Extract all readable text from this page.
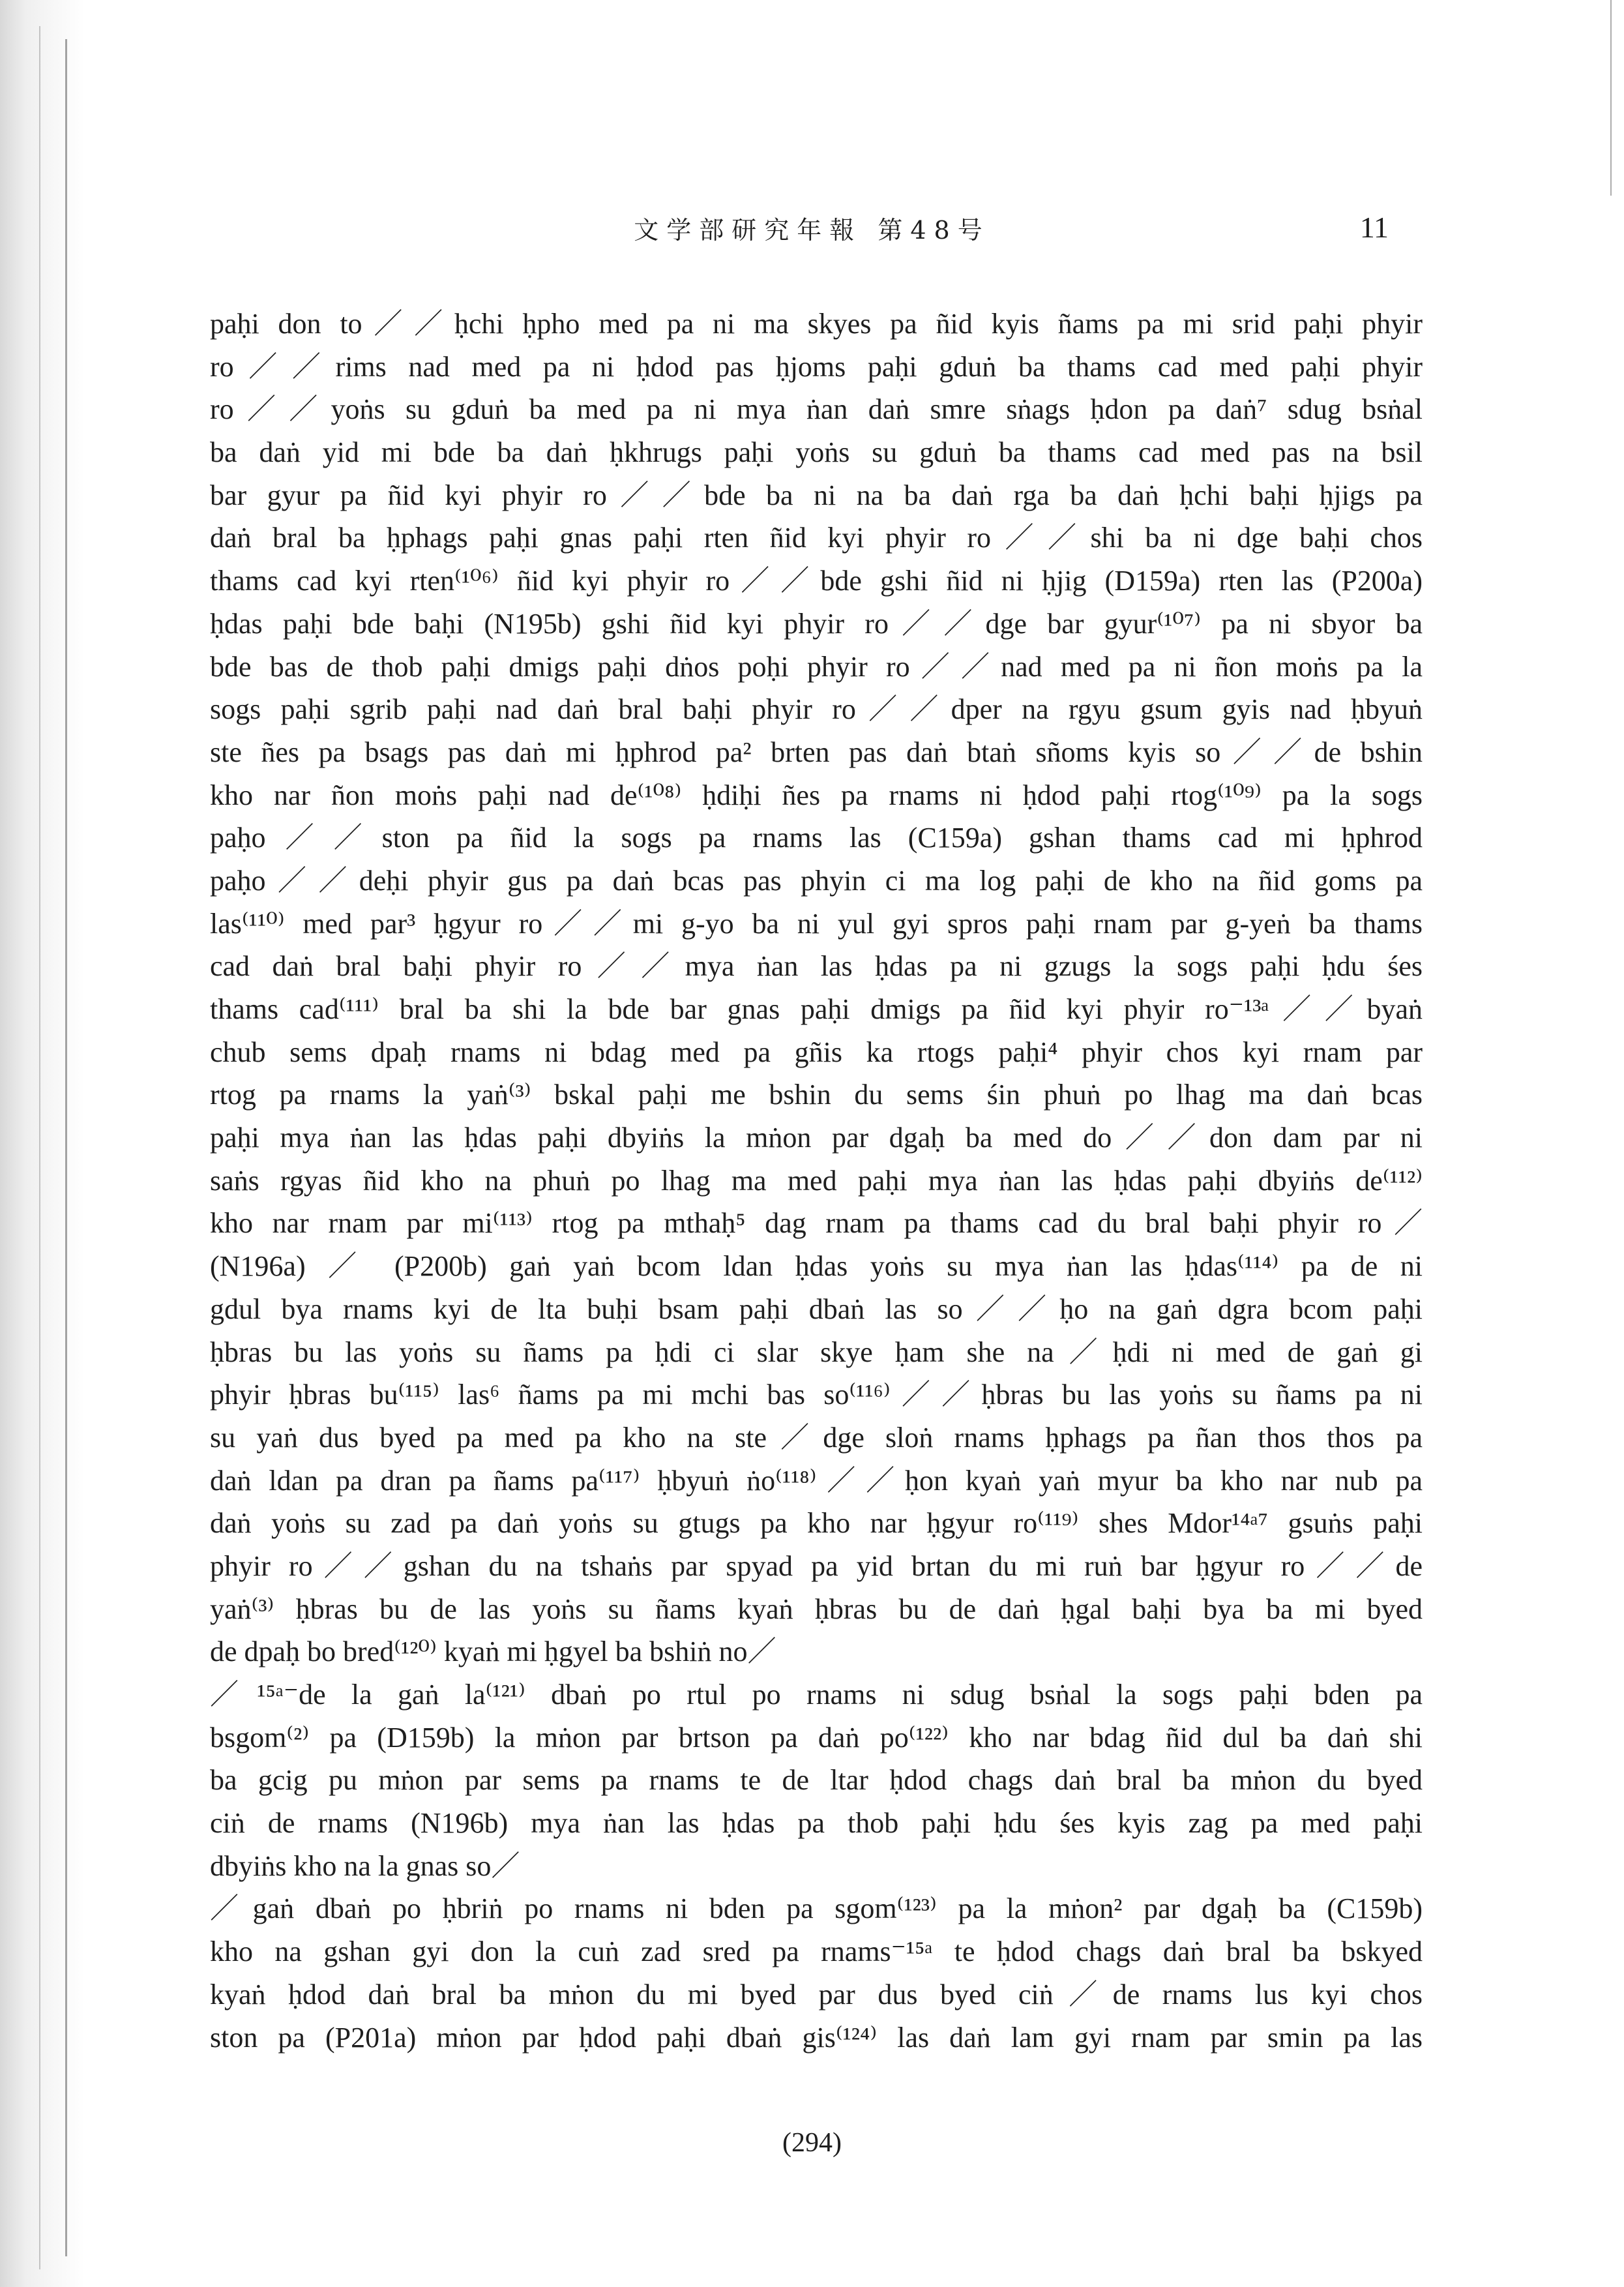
文学部研究年報 第48号	11
paḥi don to／／ḥchi ḥpho med pa ni ma skyes pa ñid kyis ñams pa mi srid paḥi phyir
ro／／rims nad med pa ni ḥdod pas ḥjoms paḥi gduṅ ba thams cad med paḥi phyir
ro／／yoṅs su gduṅ ba med pa ni mya ṅan daṅ smre sṅags ḥdon pa daṅ⁷ sdug bsṅal
ba daṅ yid mi bde ba daṅ ḥkhrugs paḥi yoṅs su gduṅ ba thams cad med pas na bsil
bar gyur pa ñid kyi phyir ro／／bde ba ni na ba daṅ rga ba daṅ ḥchi baḥi ḥjigs pa
daṅ bral ba ḥphags paḥi gnas paḥi rten ñid kyi phyir ro／／shi ba ni dge baḥi chos
thams cad kyi rten⁽¹⁰⁶⁾ ñid kyi phyir ro／／bde gshi ñid ni ḥjig (D159a) rten las (P200a)
ḥdas paḥi bde baḥi (N195b) gshi ñid kyi phyir ro／／dge bar gyur⁽¹⁰⁷⁾ pa ni sbyor ba
bde bas de thob paḥi dmigs paḥi dṅos poḥi phyir ro／／nad med pa ni ñon moṅs pa la
sogs paḥi sgrib paḥi nad daṅ bral baḥi phyir ro／／dper na rgyu gsum gyis nad ḥbyuṅ
ste ñes pa bsags pas daṅ mi ḥphrod pa² brten pas daṅ btaṅ sñoms kyis so／／de bshin
kho nar ñon moṅs paḥi nad de⁽¹⁰⁸⁾ ḥdiḥi ñes pa rnams ni ḥdod paḥi rtog⁽¹⁰⁹⁾ pa la sogs
paḥo／／ston pa ñid la sogs pa rnams las (C159a) gshan thams cad mi ḥphrod
paḥo／／deḥi phyir gus pa daṅ bcas pas phyin ci ma log paḥi de kho na ñid goms pa
las⁽¹¹⁰⁾ med par³ ḥgyur ro／／mi g-yo ba ni yul gyi spros paḥi rnam par g-yeṅ ba thams
cad daṅ bral baḥi phyir ro／／mya ṅan las ḥdas pa ni gzugs la sogs paḥi ḥdu śes
thams cad⁽¹¹¹⁾ bral ba shi la bde bar gnas paḥi dmigs pa ñid kyi phyir ro⁻¹³ᵃ／／byaṅ
chub sems dpaḥ rnams ni bdag med pa gñis ka rtogs paḥi⁴ phyir chos kyi rnam par
rtog pa rnams la yaṅ⁽³⁾ bskal paḥi me bshin du sems śin phuṅ po lhag ma daṅ bcas
paḥi mya ṅan las ḥdas paḥi dbyiṅs la mṅon par dgaḥ ba med do／／don dam par ni
saṅs rgyas ñid kho na phuṅ po lhag ma med paḥi mya ṅan las ḥdas paḥi dbyiṅs de⁽¹¹²⁾
kho nar rnam par mi⁽¹¹³⁾ rtog pa mthaḥ⁵ dag rnam pa thams cad du bral baḥi phyir ro／
(N196a) ／ (P200b) gaṅ yaṅ bcom ldan ḥdas yoṅs su mya ṅan las ḥdas⁽¹¹⁴⁾ pa de ni
gdul bya rnams kyi de lta buḥi bsam paḥi dbaṅ las so／／ḥo na gaṅ dgra bcom paḥi
ḥbras bu las yoṅs su ñams pa ḥdi ci slar skye ḥam she na／ḥdi ni med de gaṅ gi
phyir ḥbras bu⁽¹¹⁵⁾ las⁶ ñams pa mi mchi bas so⁽¹¹⁶⁾／／ḥbras bu las yoṅs su ñams pa ni
su yaṅ dus byed pa med pa kho na ste／dge sloṅ rnams ḥphags pa ñan thos thos pa
daṅ ldan pa dran pa ñams pa⁽¹¹⁷⁾ ḥbyuṅ ṅo⁽¹¹⁸⁾／／ḥon kyaṅ yaṅ myur ba kho nar nub pa
daṅ yoṅs su zad pa daṅ yoṅs su gtugs pa kho nar ḥgyur ro⁽¹¹⁹⁾ shes Mdor¹⁴ᵃ⁷ gsuṅs paḥi
phyir ro／／gshan du na tshaṅs par spyad pa yid brtan du mi ruṅ bar ḥgyur ro／／de
yaṅ⁽³⁾ ḥbras bu de las yoṅs su ñams kyaṅ ḥbras bu de daṅ ḥgal baḥi bya ba mi byed
de dpaḥ bo bred⁽¹²⁰⁾ kyaṅ mi ḥgyel ba bshiṅ no／
／¹⁵ᵃ⁻de la gaṅ la⁽¹²¹⁾ dbaṅ po rtul po rnams ni sdug bsṅal la sogs paḥi bden pa
bsgom⁽²⁾ pa (D159b) la mṅon par brtson pa daṅ po⁽¹²²⁾ kho nar bdag ñid dul ba daṅ shi
ba gcig pu mṅon par sems pa rnams te de ltar ḥdod chags daṅ bral ba mṅon du byed
ciṅ de rnams (N196b) mya ṅan las ḥdas pa thob paḥi ḥdu śes kyis zag pa med paḥi
dbyiṅs kho na la gnas so／
／gaṅ dbaṅ po ḥbriṅ po rnams ni bden pa sgom⁽¹²³⁾ pa la mṅon² par dgaḥ ba (C159b)
kho na gshan gyi don la cuṅ zad sred pa rnams⁻¹⁵ᵃ te ḥdod chags daṅ bral ba bskyed
kyaṅ ḥdod daṅ bral ba mṅon du mi byed par dus byed ciṅ／de rnams lus kyi chos
ston pa (P201a) mṅon par ḥdod paḥi dbaṅ gis⁽¹²⁴⁾ las daṅ lam gyi rnam par smin pa las
(294)
